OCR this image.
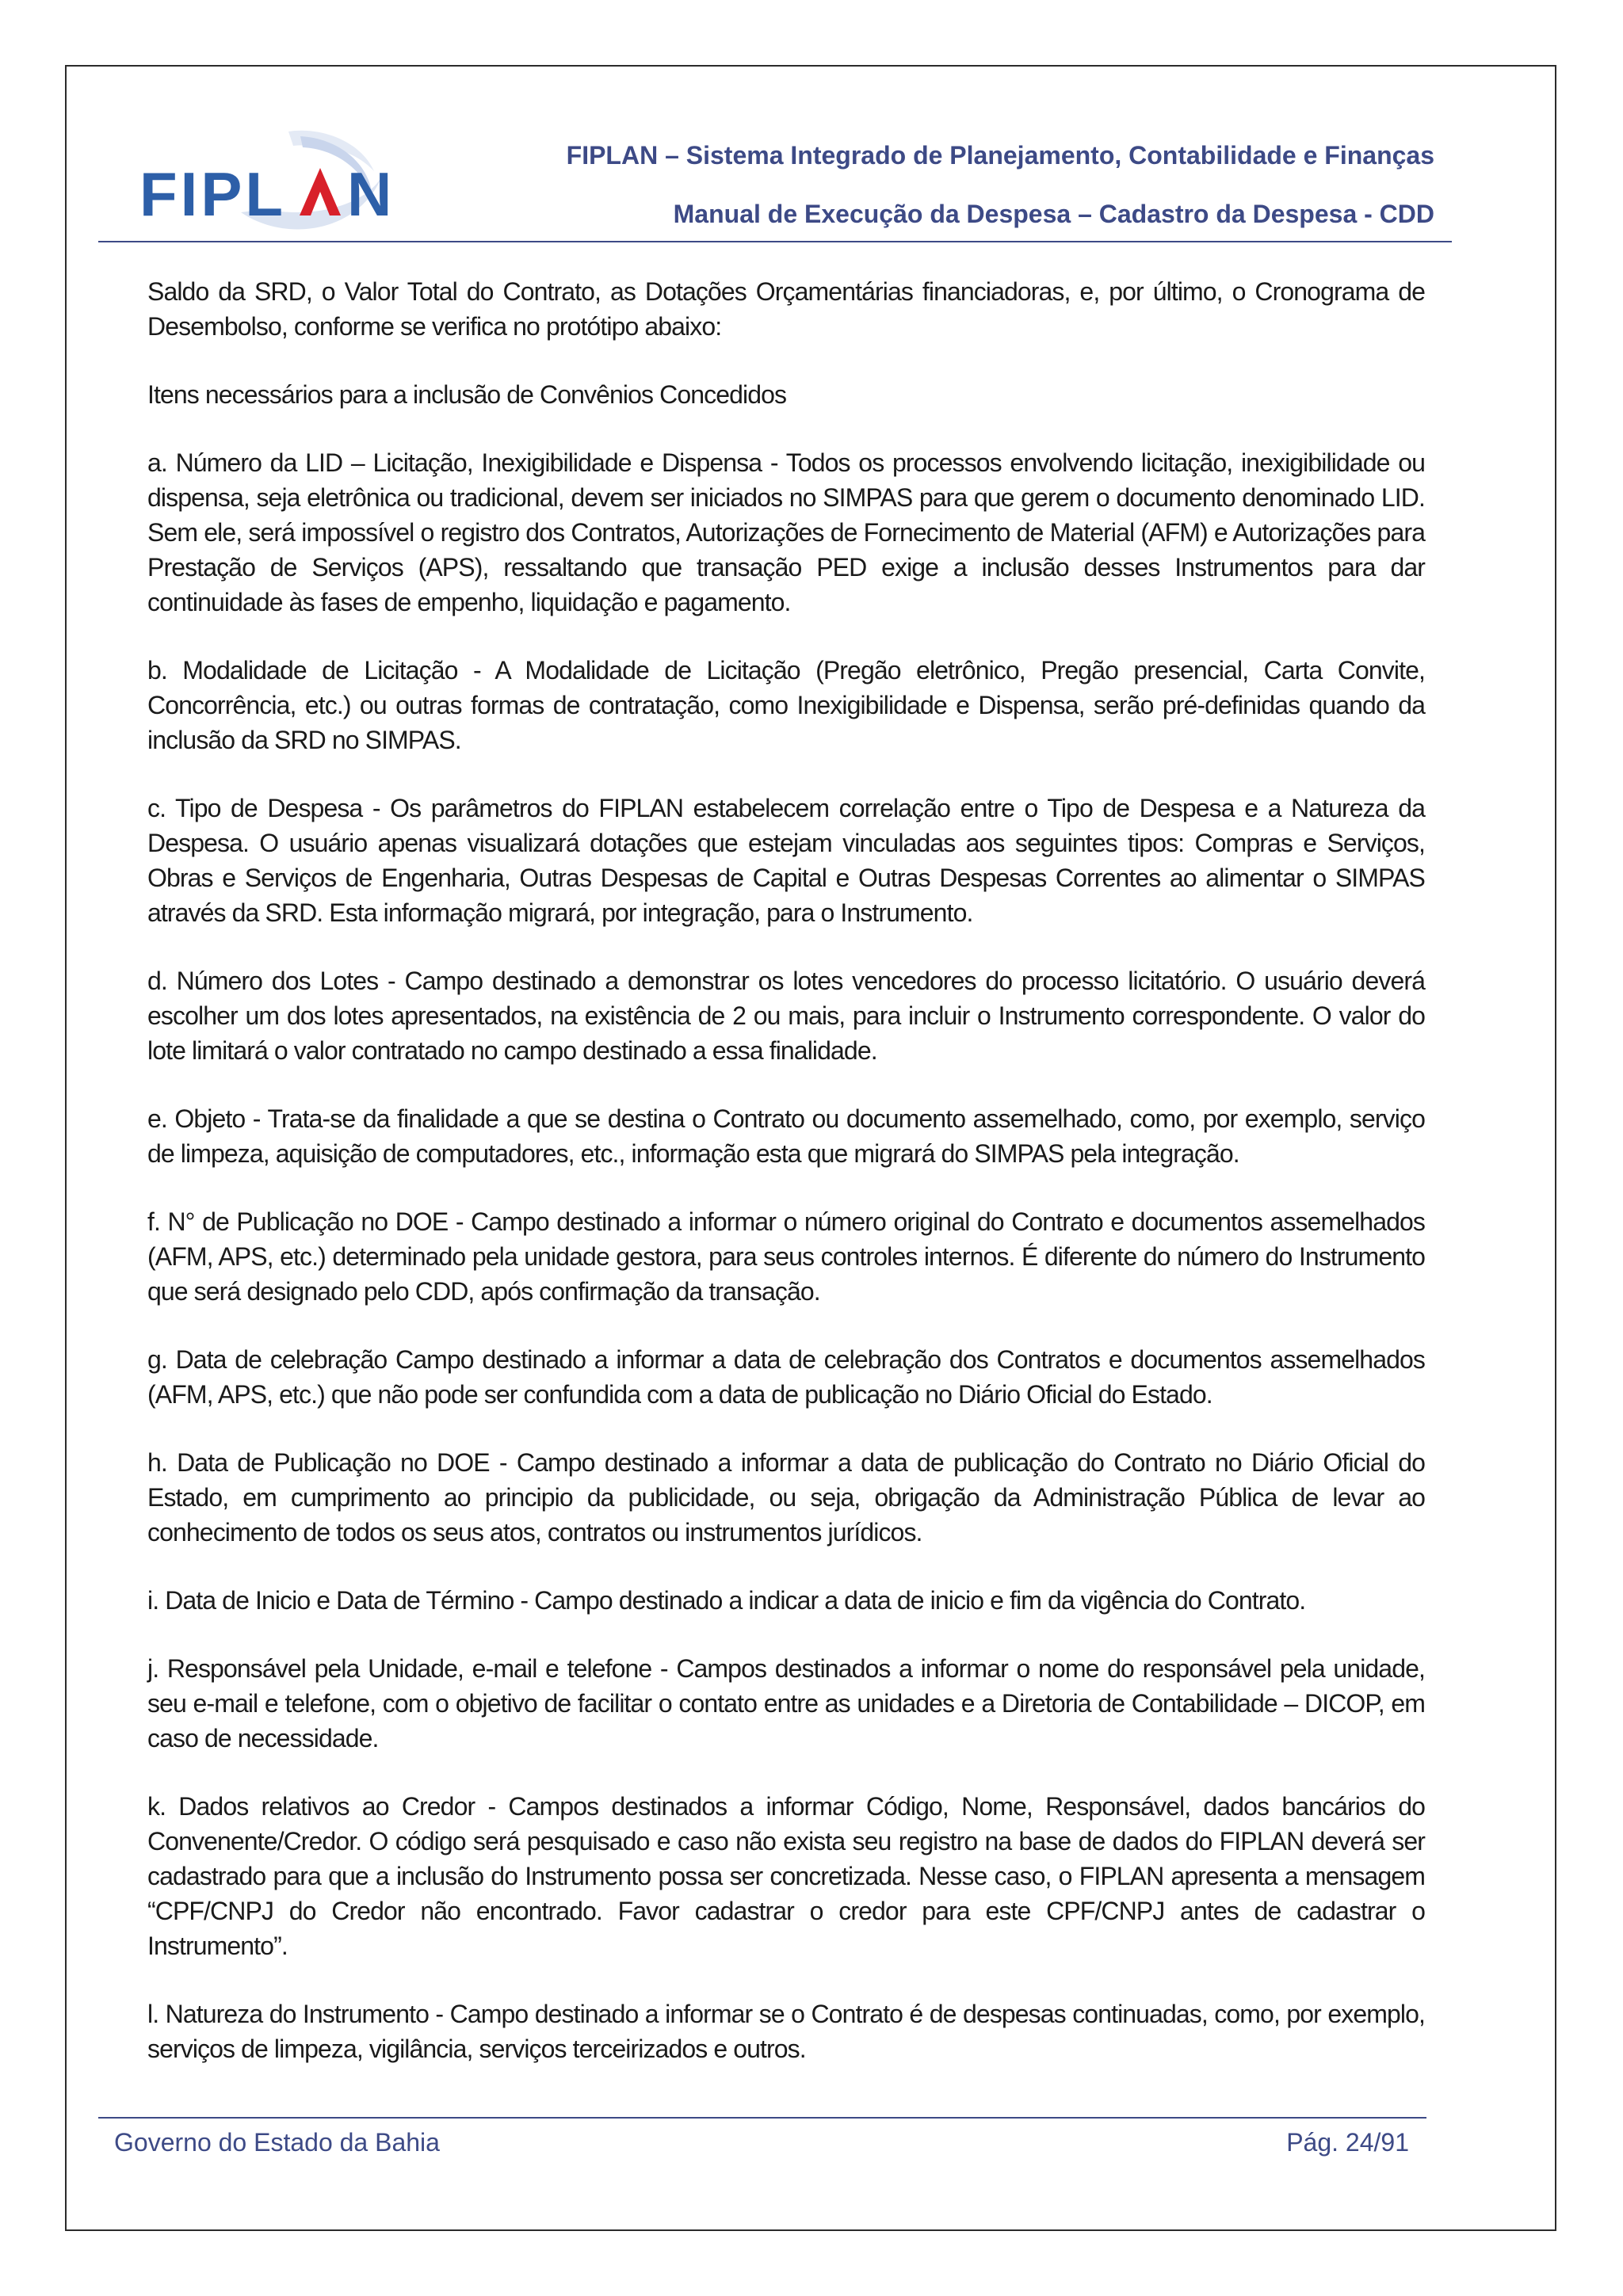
FIPL N
FIPLAN – Sistema Integrado de Planejamento, Contabilidade e Finanças
Manual de Execução da Despesa – Cadastro da Despesa - CDD

Saldo da SRD, o Valor Total do Contrato, as Dotações Orçamentárias financiadoras, e, por último, o Cronograma de Desembolso, conforme se verifica no protótipo abaixo:

Itens necessários para a inclusão de Convênios Concedidos

a. Número da LID – Licitação, Inexigibilidade e Dispensa - Todos os processos envolvendo licitação, inexigibilidade ou dispensa, seja eletrônica ou tradicional, devem ser iniciados no SIMPAS para que gerem o documento denominado LID. Sem ele, será impossível o registro dos Contratos, Autorizações de Fornecimento de Material (AFM) e Autorizações para Prestação de Serviços (APS), ressaltando que transação PED exige a inclusão desses Instrumentos para dar continuidade às fases de empenho, liquidação e pagamento.

b. Modalidade de Licitação - A Modalidade de Licitação (Pregão eletrônico, Pregão presencial, Carta Convite, Concorrência, etc.) ou outras formas de contratação, como Inexigibilidade e Dispensa, serão pré-definidas quando da inclusão da SRD no SIMPAS.

c. Tipo de Despesa - Os parâmetros do FIPLAN estabelecem correlação entre o Tipo de Despesa e a Natureza da Despesa. O usuário apenas visualizará dotações que estejam vinculadas aos seguintes tipos: Compras e Serviços, Obras e Serviços de Engenharia, Outras Despesas de Capital e Outras Despesas Correntes ao alimentar o SIMPAS através da SRD. Esta informação migrará, por integração, para o Instrumento.

d. Número dos Lotes - Campo destinado a demonstrar os lotes vencedores do processo licitatório. O usuário deverá escolher um dos lotes apresentados, na existência de 2 ou mais, para incluir o Instrumento correspondente. O valor do lote limitará o valor contratado no campo destinado a essa finalidade.

e. Objeto - Trata-se da finalidade a que se destina o Contrato ou documento assemelhado, como, por exemplo, serviço de limpeza, aquisição de computadores, etc., informação esta que migrará do SIMPAS pela integração.

f. N° de Publicação no DOE - Campo destinado a informar o número original do Contrato e documentos assemelhados (AFM, APS, etc.) determinado pela unidade gestora, para seus controles internos. É diferente do número do Instrumento que será designado pelo CDD, após confirmação da transação.

g. Data de celebração Campo destinado a informar a data de celebração dos Contratos e documentos assemelhados (AFM, APS, etc.) que não pode ser confundida com a data de publicação no Diário Oficial do Estado.

h. Data de Publicação no DOE - Campo destinado a informar a data de publicação do Contrato no Diário Oficial do Estado, em cumprimento ao principio da publicidade, ou seja, obrigação da Administração Pública de levar ao conhecimento de todos os seus atos, contratos ou instrumentos jurídicos.

i. Data de Inicio e Data de Término - Campo destinado a indicar a data de inicio e fim da vigência do Contrato.

j. Responsável pela Unidade, e-mail e telefone - Campos destinados a informar o nome do responsável pela unidade, seu e-mail e telefone, com o objetivo de facilitar o contato entre as unidades e a Diretoria de Contabilidade – DICOP, em caso de necessidade.

k. Dados relativos ao Credor - Campos destinados a informar Código, Nome, Responsável, dados bancários do Convenente/Credor. O código será pesquisado e caso não exista seu registro na base de dados do FIPLAN deverá ser cadastrado para que a inclusão do Instrumento possa ser concretizada. Nesse caso, o FIPLAN apresenta a mensagem “CPF/CNPJ do Credor não encontrado. Favor cadastrar o credor para este CPF/CNPJ antes de cadastrar o Instrumento”.

l. Natureza do Instrumento - Campo destinado a informar se o Contrato é de despesas continuadas, como, por exemplo, serviços de limpeza, vigilância, serviços terceirizados e outros.

Governo do Estado da Bahia	Pág. 24/91
